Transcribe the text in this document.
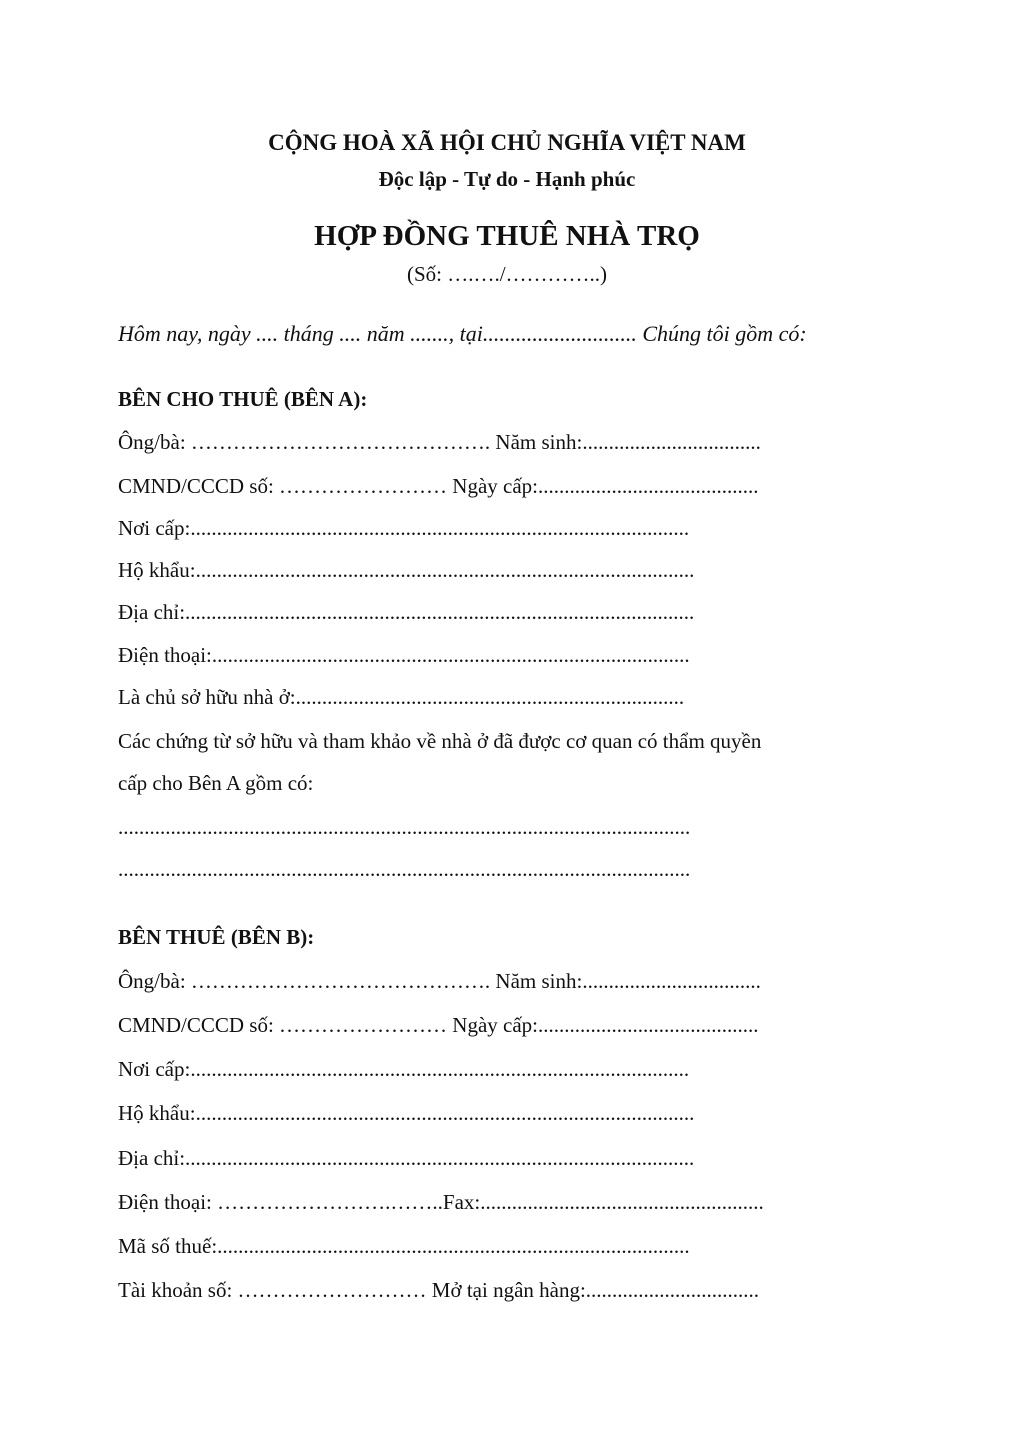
CỘNG HOÀ XÃ HỘI CHỦ NGHĨA VIỆT NAM
Độc lập - Tự do - Hạnh phúc
HỢP ĐỒNG THUÊ NHÀ TRỌ
(Số: ….…./…………..)
Hôm nay, ngày .... tháng .... năm ......., tại............................ Chúng tôi gồm có:
BÊN CHO THUÊ (BÊN A):
Ông/bà: ……………………………………. Năm sinh:..................................
CMND/CCCD số: …………………… Ngày cấp:..........................................
Nơi cấp:...............................................................................................
Hộ khẩu:...............................................................................................
Địa chỉ:.................................................................................................
Điện thoại:...........................................................................................
Là chủ sở hữu nhà ở:..........................................................................
Các chứng từ sở hữu và tham khảo về nhà ở đã được cơ quan có thẩm quyền
cấp cho Bên A gồm có:
.............................................................................................................
.............................................................................................................
BÊN THUÊ (BÊN B):
Ông/bà: ……………………………………. Năm sinh:..................................
CMND/CCCD số: …………………… Ngày cấp:..........................................
Nơi cấp:...............................................................................................
Hộ khẩu:...............................................................................................
Địa chỉ:.................................................................................................
Điện thoại: …………………….……..Fax:......................................................
Mã số thuế:..........................................................................................
Tài khoản số: ……………………… Mở tại ngân hàng:.................................
